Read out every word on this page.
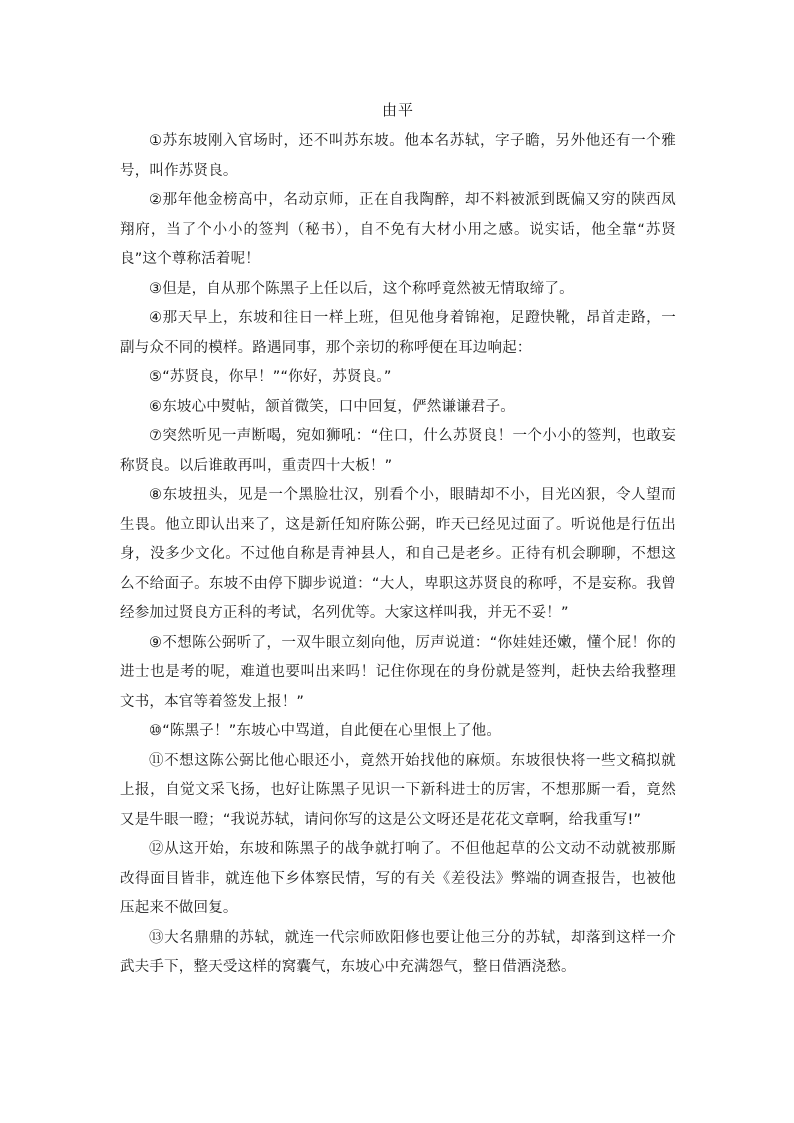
由平

①苏东坡刚入官场时，还不叫苏东坡。他本名苏轼，字子瞻，另外他还有一个雅号，叫作苏贤良。

②那年他金榜高中，名动京师，正在自我陶醉，却不料被派到既偏又穷的陕西凤翔府，当了个小小的签判（秘书），自不免有大材小用之感。说实话，他全靠“苏贤良”这个尊称活着呢！

③但是，自从那个陈黑子上任以后，这个称呼竟然被无情取缔了。

④那天早上，东坡和往日一样上班，但见他身着锦袍，足蹬快靴，昂首走路，一副与众不同的模样。路遇同事，那个亲切的称呼便在耳边响起：

⑤“苏贤良，你早！”“你好，苏贤良。”

⑥东坡心中熨帖，颔首微笑，口中回复，俨然谦谦君子。

⑦突然听见一声断喝，宛如狮吼：“住口，什么苏贤良！一个小小的签判，也敢妄称贤良。以后谁敢再叫，重责四十大板！”

⑧东坡扭头，见是一个黑脸壮汉，别看个小，眼睛却不小，目光凶狠，令人望而生畏。他立即认出来了，这是新任知府陈公弼，昨天已经见过面了。听说他是行伍出身，没多少文化。不过他自称是青神县人，和自己是老乡。正待有机会聊聊，不想这么不给面子。东坡不由停下脚步说道：“大人，卑职这苏贤良的称呼，不是妄称。我曾经参加过贤良方正科的考试，名列优等。大家这样叫我，并无不妥！”

⑨不想陈公弼听了，一双牛眼立刻向他，厉声说道：“你娃娃还嫩，懂个屁！你的进士也是考的呢，难道也要叫出来吗！记住你现在的身份就是签判，赶快去给我整理文书，本官等着签发上报！”

⑩“陈黑子！”东坡心中骂道，自此便在心里恨上了他。

⑪不想这陈公弼比他心眼还小，竟然开始找他的麻烦。东坡很快将一些文稿拟就上报，自觉文采飞扬，也好让陈黑子见识一下新科进士的厉害，不想那厮一看，竟然又是牛眼一瞪；“我说苏轼，请问你写的这是公文呀还是花花文章啊，给我重写!”

⑫从这开始，东坡和陈黑子的战争就打响了。不但他起草的公文动不动就被那厮改得面目皆非，就连他下乡体察民情，写的有关《差役法》弊端的调查报告，也被他压起来不做回复。

⑬大名鼎鼎的苏轼，就连一代宗师欧阳修也要让他三分的苏轼，却落到这样一介武夫手下，整天受这样的窝囊气，东坡心中充满怨气，整日借酒浇愁。
